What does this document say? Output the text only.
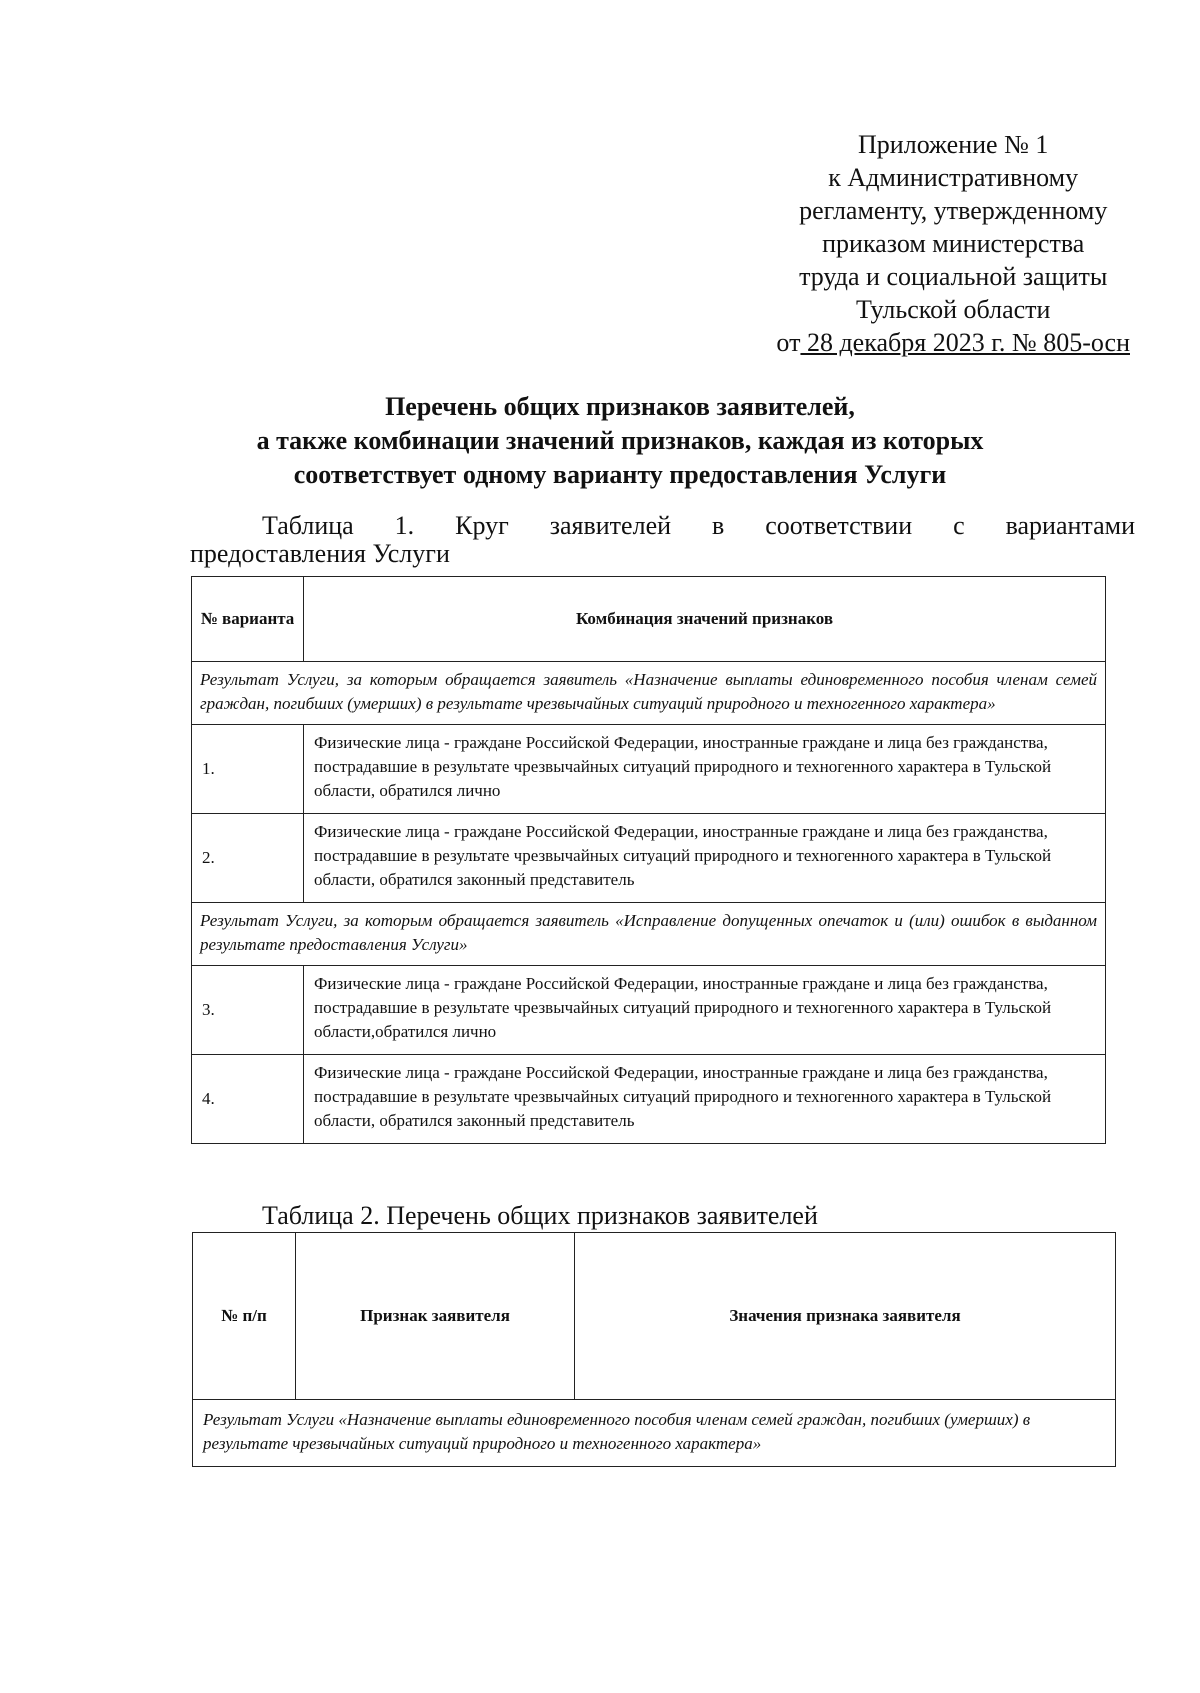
Приложение № 1
к Административному
регламенту, утвержденному
приказом министерства
труда и социальной защиты
Тульской области
от 28 декабря 2023 г. № 805-осн
Перечень общих признаков заявителей,
а также комбинации значений признаков, каждая из которых
соответствует одному варианту предоставления Услуги
Таблица 1. Круг заявителей в соответствии с вариантами
предоставления Услуги
№ варианта	Комбинация значений признаков
Результат Услуги, за которым обращается заявитель «Назначение выплаты единовременного пособия членам семей граждан, погибших (умерших) в результате чрезвычайных ситуаций природного и техногенного характера»	
1.	Физические лица - граждане Российской Федерации, иностранные граждане и лица без гражданства, пострадавшие в результате чрезвычайных ситуаций природного и техногенного характера в Тульской области, обратился лично
2.	Физические лица - граждане Российской Федерации, иностранные граждане и лица без гражданства, пострадавшие в результате чрезвычайных ситуаций природного и техногенного характера в Тульской области, обратился законный представитель
Результат Услуги, за которым обращается заявитель «Исправление допущенных опечаток и (или) ошибок в выданном результате предоставления Услуги»	
3.	Физические лица - граждане Российской Федерации, иностранные граждане и лица без гражданства, пострадавшие в результате чрезвычайных ситуаций природного и техногенного характера в Тульской области,обратился лично
4.	Физические лица - граждане Российской Федерации, иностранные граждане и лица без гражданства, пострадавшие в результате чрезвычайных ситуаций природного и техногенного характера в Тульской области, обратился законный представитель
Таблица 2. Перечень общих признаков заявителей
№ п/п	Признак заявителя	Значения признака заявителя
Результат Услуги «Назначение выплаты единовременного пособия членам семей граждан, погибших (умерших) в результате чрезвычайных ситуаций природного и техногенного характера»
